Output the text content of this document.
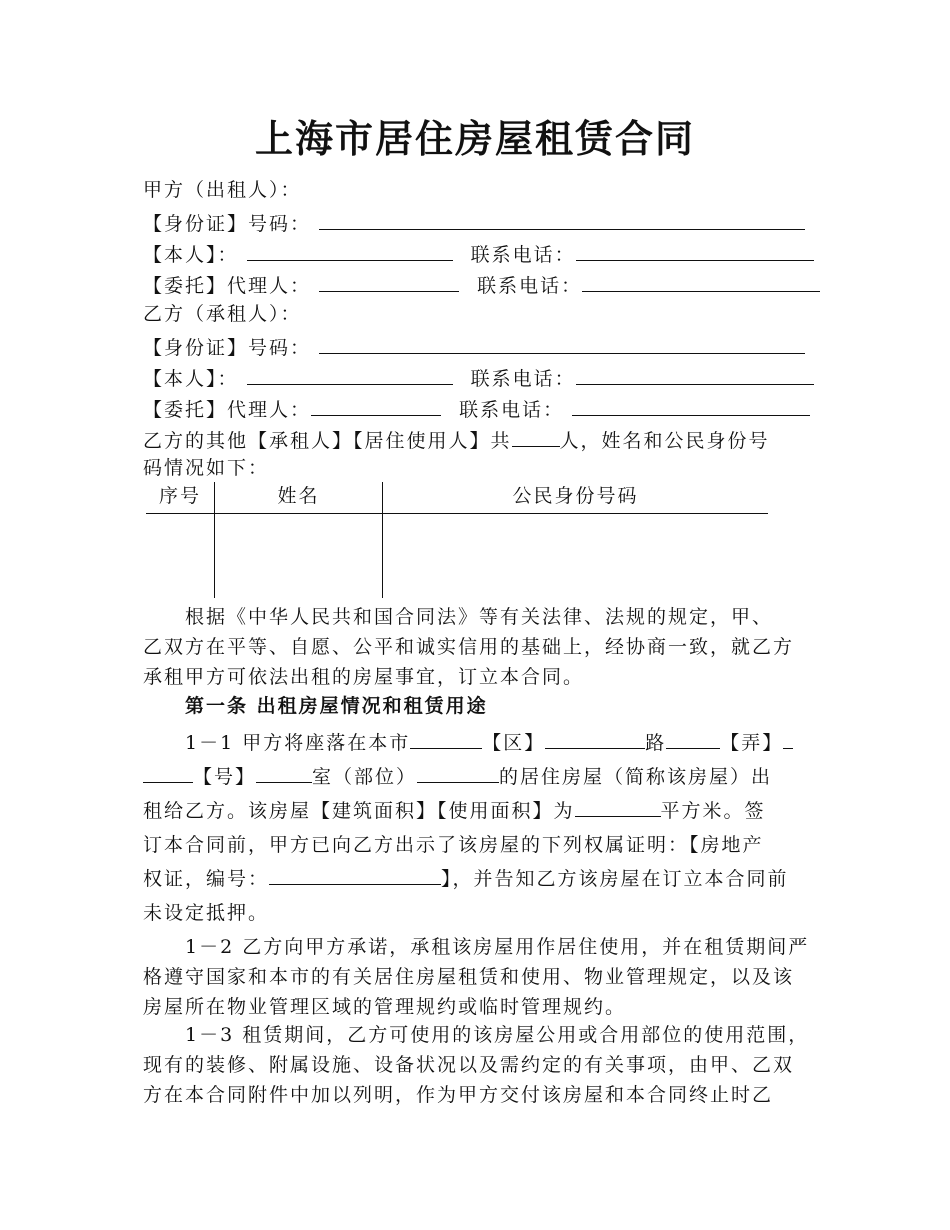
上海市居住房屋租赁合同
甲方（出租人）：
【身份证】号码：
【本人】：	联系电话：
【委托】代理人：	联系电话：
乙方（承租人）：
【身份证】号码：
【本人】：	联系电话：
【委托】代理人：	联系电话：
乙方的其他【承租人】【居住使用人】共	人，姓名和公民身份号
码情况如下：
序号	姓名	公民身份号码

根据《中华人民共和国合同法》等有关法律、法规的规定，甲、

乙双方在平等、自愿、公平和诚实信用的基础上，经协商一致，就乙方

承租甲方可依法出租的房屋事宜，订立本合同。

第一条 出租房屋情况和租赁用途

1－1 甲方将座落在本市	【区】	路	【弄】

【号】	室（部位）	的居住房屋（简称该房屋）出

租给乙方。该房屋【建筑面积】【使用面积】为	平方米。签

订本合同前，甲方已向乙方出示了该房屋的下列权属证明：【房地产

权证，编号：	】，并告知乙方该房屋在订立本合同前

未设定抵押。

1－2 乙方向甲方承诺，承租该房屋用作居住使用，并在租赁期间严

格遵守国家和本市的有关居住房屋租赁和使用、物业管理规定，以及该

房屋所在物业管理区域的管理规约或临时管理规约。

1－3 租赁期间，乙方可使用的该房屋公用或合用部位的使用范围，

现有的装修、附属设施、设备状况以及需约定的有关事项，由甲、乙双

方在本合同附件中加以列明，作为甲方交付该房屋和本合同终止时乙
